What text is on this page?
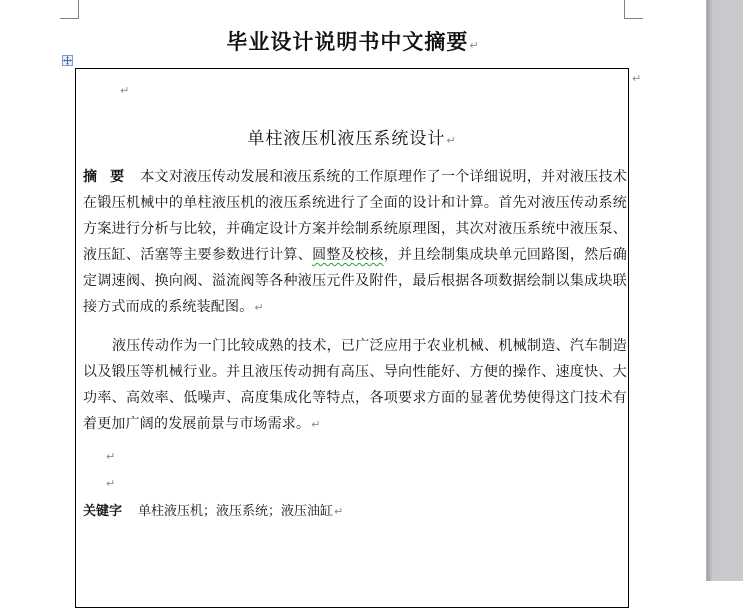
毕业设计说明书中文摘要↵
↵
↵
单柱液压机液压系统设计↵

摘 要 本文对液压传动发展和液压系统的工作原理作了一个详细说明，并对液压技术在锻压机械中的单柱液压机的液压系统进行了全面的设计和计算。首先对液压传动系统方案进行分析与比较，并确定设计方案并绘制系统原理图，其次对液压系统中液压泵、液压缸、活塞等主要参数进行计算、圆整及校核，并且绘制集成块单元回路图，然后确定调速阀、换向阀、溢流阀等各种液压元件及附件，最后根据各项数据绘制以集成块联接方式而成的系统装配图。↵

液压传动作为一门比较成熟的技术，已广泛应用于农业机械、机械制造、汽车制造以及锻压等机械行业。并且液压传动拥有高压、导向性能好、方便的操作、速度快、大功率、高效率、低噪声、高度集成化等特点，各项要求方面的显著优势使得这门技术有着更加广阔的发展前景与市场需求。↵

↵
↵
关键字 单柱液压机；液压系统；液压油缸↵
